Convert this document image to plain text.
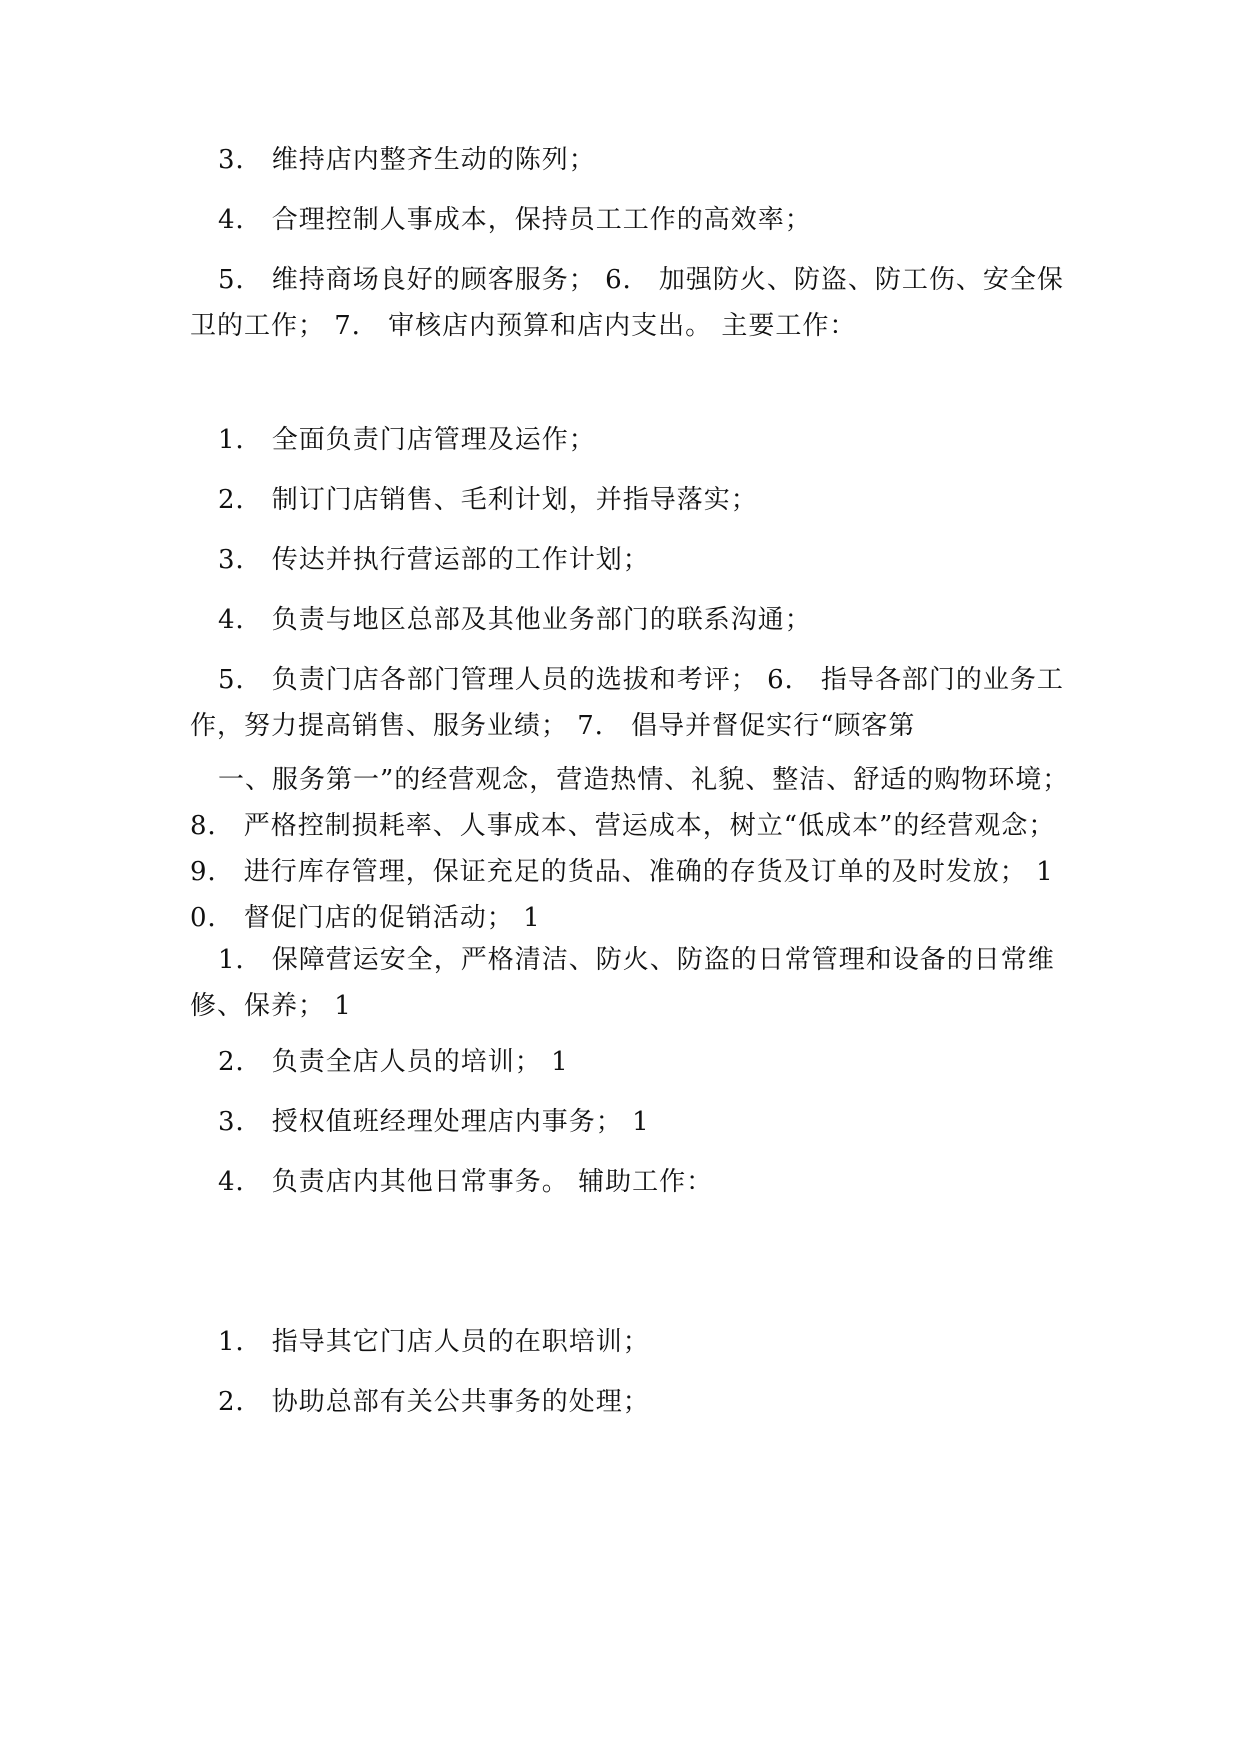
3． 维持店内整齐生动的陈列；

4． 合理控制人事成本，保持员工工作的高效率；

5． 维持商场良好的顾客服务； 6． 加强防火、防盗、防工伤、安全保卫的工作； 7． 审核店内预算和店内支出。 主要工作：

1． 全面负责门店管理及运作；

2． 制订门店销售、毛利计划，并指导落实；

3． 传达并执行营运部的工作计划；

4． 负责与地区总部及其他业务部门的联系沟通；

5． 负责门店各部门管理人员的选拔和考评； 6． 指导各部门的业务工作，努力提高销售、服务业绩； 7． 倡导并督促实行“顾客第

一、服务第一”的经营观念，营造热情、礼貌、整洁、舒适的购物环境； 8． 严格控制损耗率、人事成本、营运成本，树立“低成本”的经营观念； 9． 进行库存管理，保证充足的货品、准确的存货及订单的及时发放； 10． 督促门店的促销活动； 1

1． 保障营运安全，严格清洁、防火、防盗的日常管理和设备的日常维修、保养； 1

2． 负责全店人员的培训； 1

3． 授权值班经理处理店内事务； 1

4． 负责店内其他日常事务。 辅助工作：

1． 指导其它门店人员的在职培训；

2． 协助总部有关公共事务的处理；
